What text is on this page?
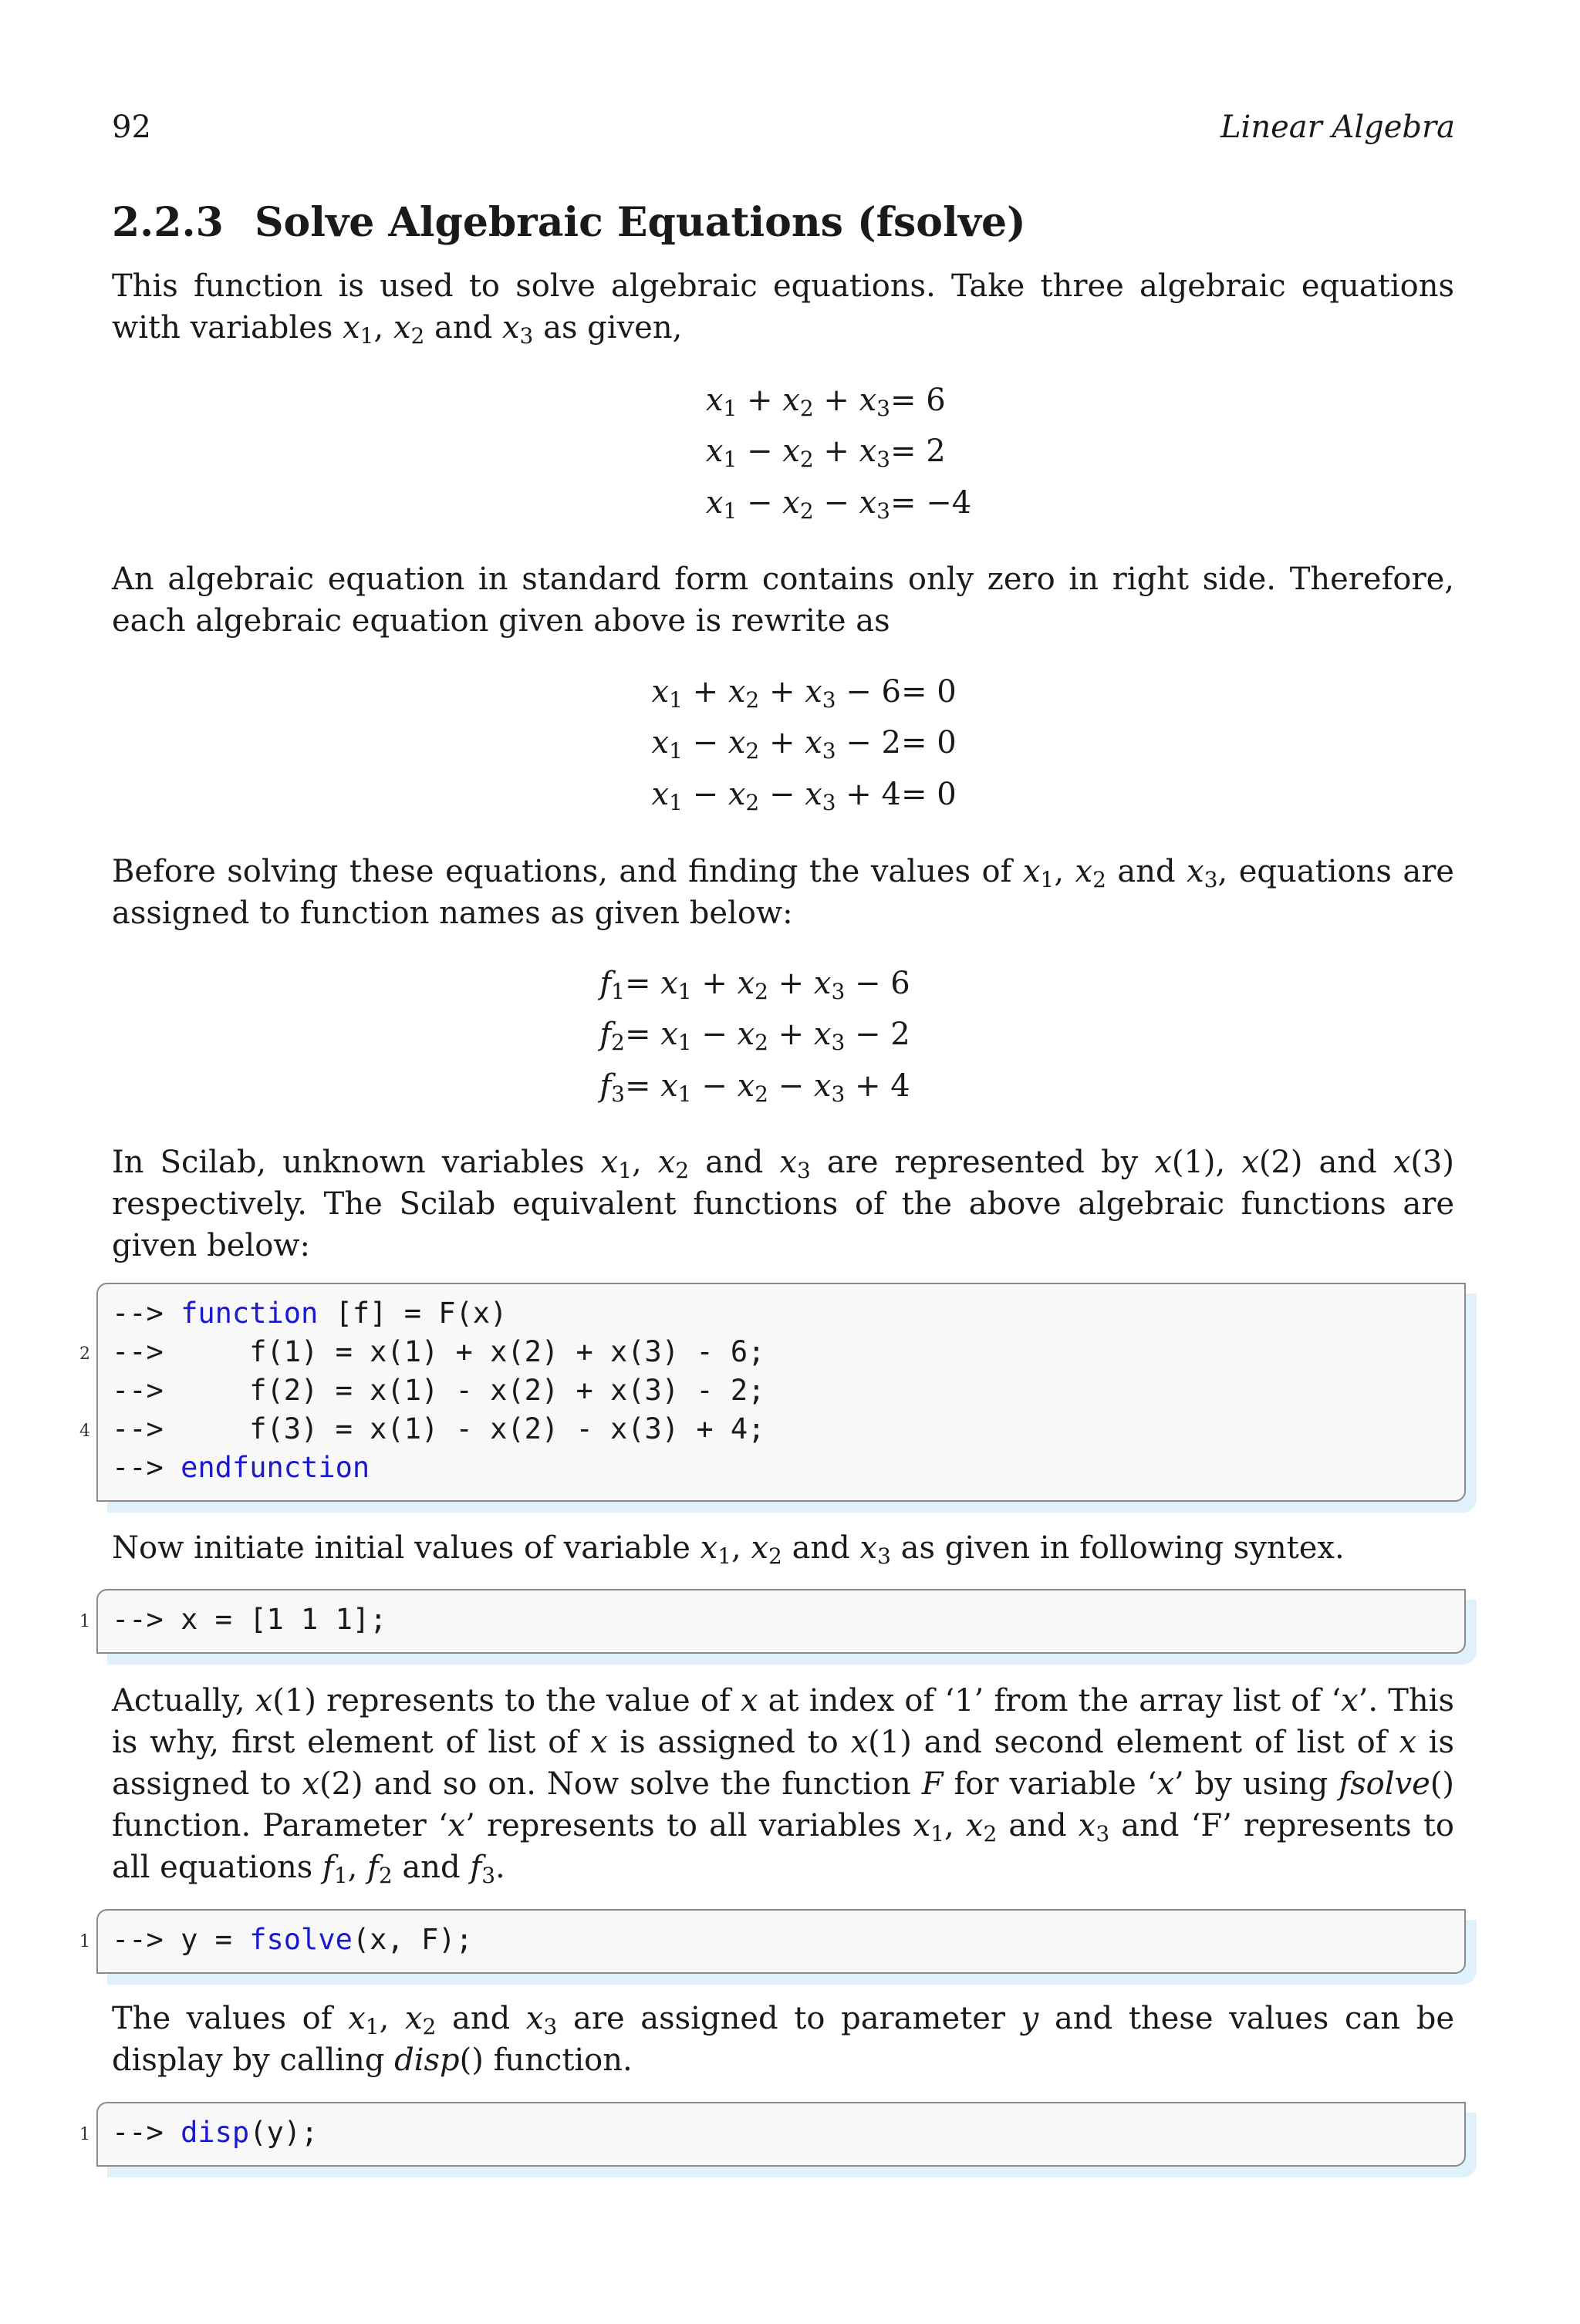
92	Linear Algebra
2.2.3 Solve Algebraic Equations (fsolve)
This function is used to solve algebraic equations. Take three algebraic equations with variables $x_1$, $x_2$ and $x_3$ as given,
$x_1 + x_2 + x_3 = 6$
$x_1 - x_2 + x_3 = 2$
$x_1 - x_2 - x_3 = -4$
An algebraic equation in standard form contains only zero in right side. Therefore, each algebraic equation given above is rewrite as
$x_1 + x_2 + x_3 - 6 = 0$
$x_1 - x_2 + x_3 - 2 = 0$
$x_1 - x_2 - x_3 + 4 = 0$
Before solving these equations, and finding the values of $x_1$, $x_2$ and $x_3$, equations are assigned to function names as given below:
$f_1 = x_1 + x_2 + x_3 - 6$
$f_2 = x_1 - x_2 + x_3 - 2$
$f_3 = x_1 - x_2 - x_3 + 4$
In Scilab, unknown variables $x_1$, $x_2$ and $x_3$ are represented by x(1), x(2) and x(3) respectively. The Scilab equivalent functions of the above algebraic functions are given below:
2
4
--> function [f] = F(x)
-->     f(1) = x(1) + x(2) + x(3) - 6;
-->     f(2) = x(1) - x(2) + x(3) - 2;
-->     f(3) = x(1) - x(2) - x(3) + 4;
--> endfunction
Now initiate initial values of variable $x_1$, $x_2$ and $x_3$ as given in following syntex.
1 --> x = [1 1 1];
Actually, x(1) represents to the value of x at index of ‘1’ from the array list of ‘x’. This is why, first element of list of x is assigned to x(1) and second element of list of x is assigned to x(2) and so on. Now solve the function F for variable ‘x’ by using fsolve() function. Parameter ‘x’ represents to all variables $x_1$, $x_2$ and $x_3$ and ‘F’ represents to all equations $f_1$, $f_2$ and $f_3$.
1 --> y = fsolve(x, F);
The values of $x_1$, $x_2$ and $x_3$ are assigned to parameter y and these values can be display by calling disp() function.
1 --> disp(y);
